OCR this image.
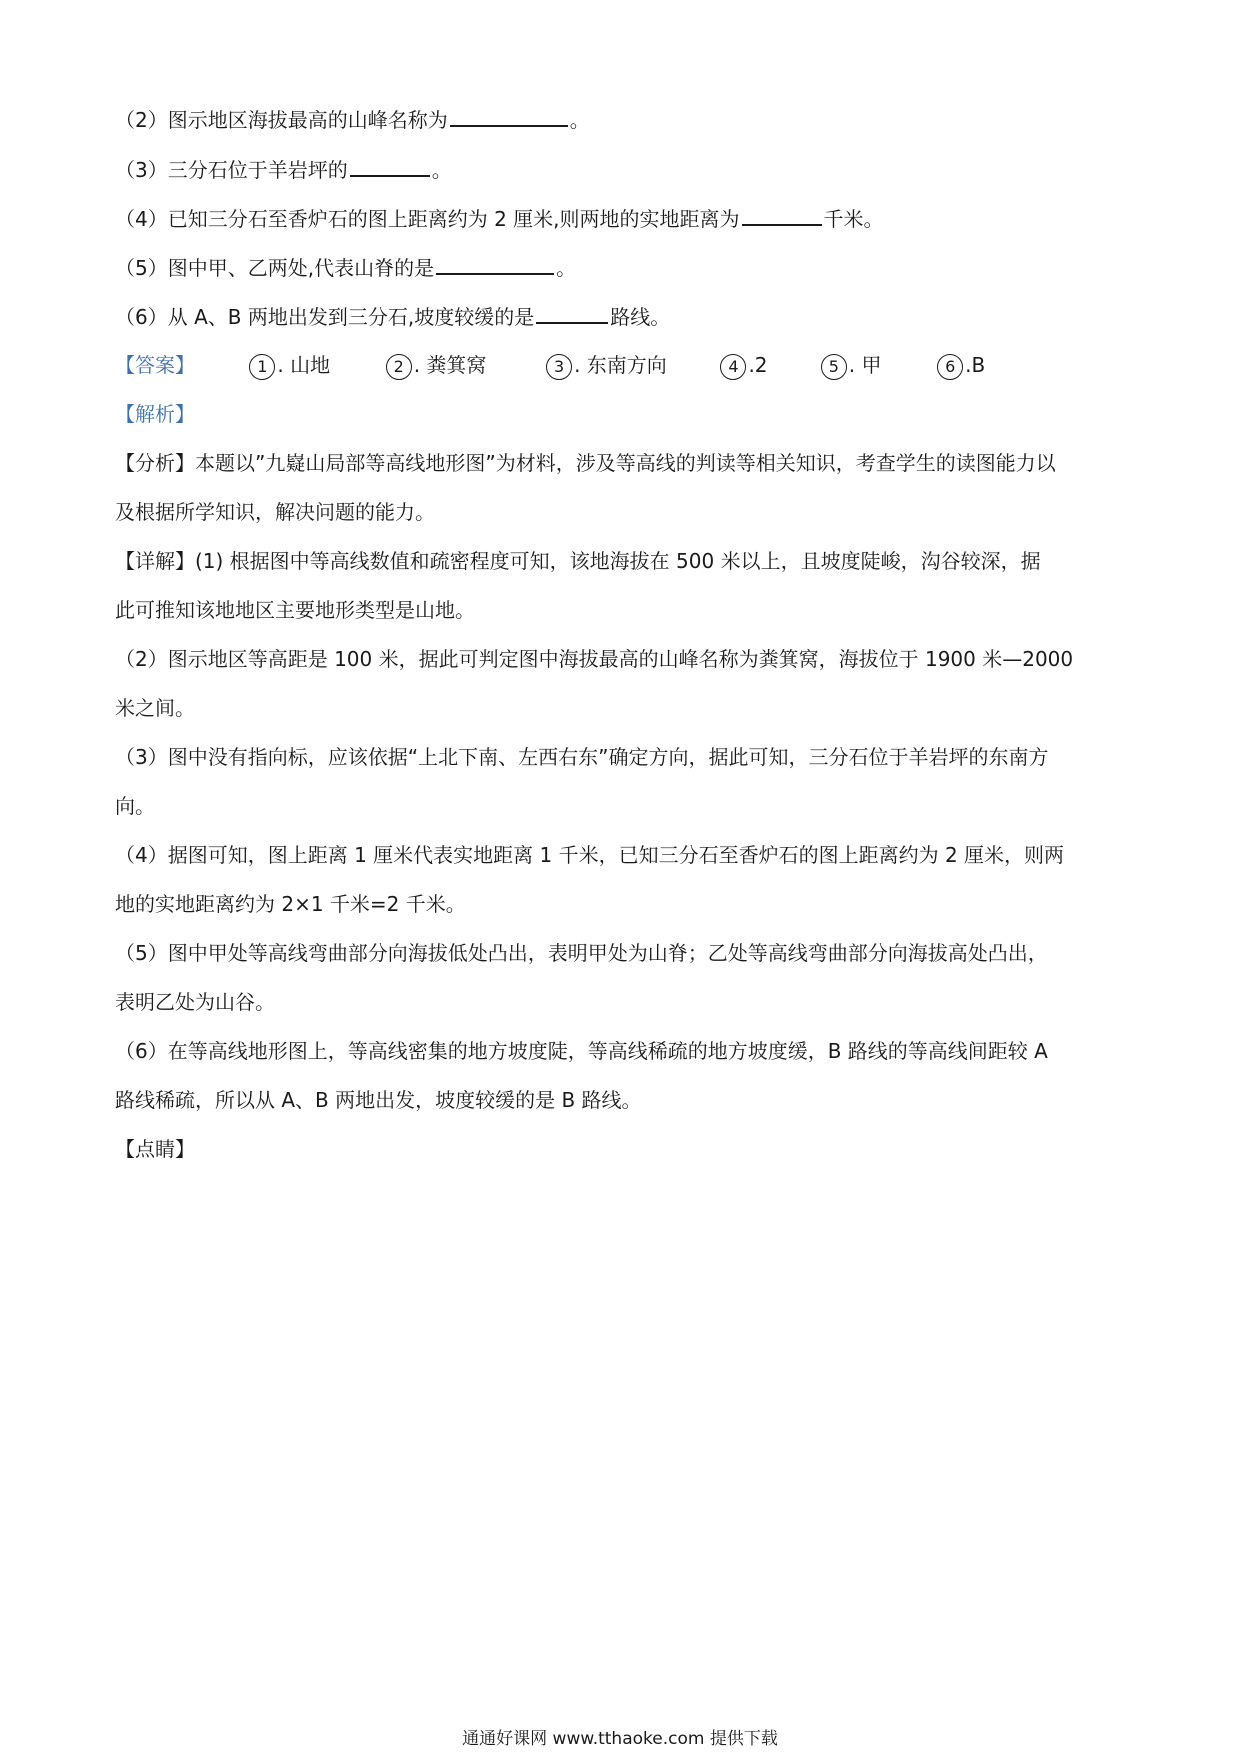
（2）图示地区海拔最高的山峰名称为	。
（3）三分石位于羊岩坪的	。
（4）已知三分石至香炉石的图上距离约为 2 厘米,则两地的实地距离为	千米。
（5）图中甲、乙两处,代表山脊的是	。
（6）从 A、B 两地出发到三分石,坡度较缓的是	路线。
【答案】	1 . 山地	2 . 粪箕窝	3 . 东南方向	4 .2	5 . 甲	6 .B
【解析】
【分析】本题以”九嶷山局部等高线地形图”为材料，涉及等高线的判读等相关知识，考查学生的读图能力以
及根据所学知识，解决问题的能力。
【详解】(1) 根据图中等高线数值和疏密程度可知，该地海拔在 500 米以上，且坡度陡峻，沟谷较深，据
此可推知该地地区主要地形类型是山地。
（2）图示地区等高距是 100 米，据此可判定图中海拔最高的山峰名称为粪箕窝，海拔位于 1900 米—2000
米之间。
（3）图中没有指向标，应该依据“上北下南、左西右东”确定方向，据此可知，三分石位于羊岩坪的东南方
向。
（4）据图可知，图上距离 1 厘米代表实地距离 1 千米，已知三分石至香炉石的图上距离约为 2 厘米，则两
地的实地距离约为 2×1 千米=2 千米。
（5）图中甲处等高线弯曲部分向海拔低处凸出，表明甲处为山脊；乙处等高线弯曲部分向海拔高处凸出，
表明乙处为山谷。
（6）在等高线地形图上，等高线密集的地方坡度陡，等高线稀疏的地方坡度缓，B 路线的等高线间距较 A
路线稀疏，所以从 A、B 两地出发，坡度较缓的是 B 路线。
【点睛】
通通好课网 www.tthaoke.com 提供下载
